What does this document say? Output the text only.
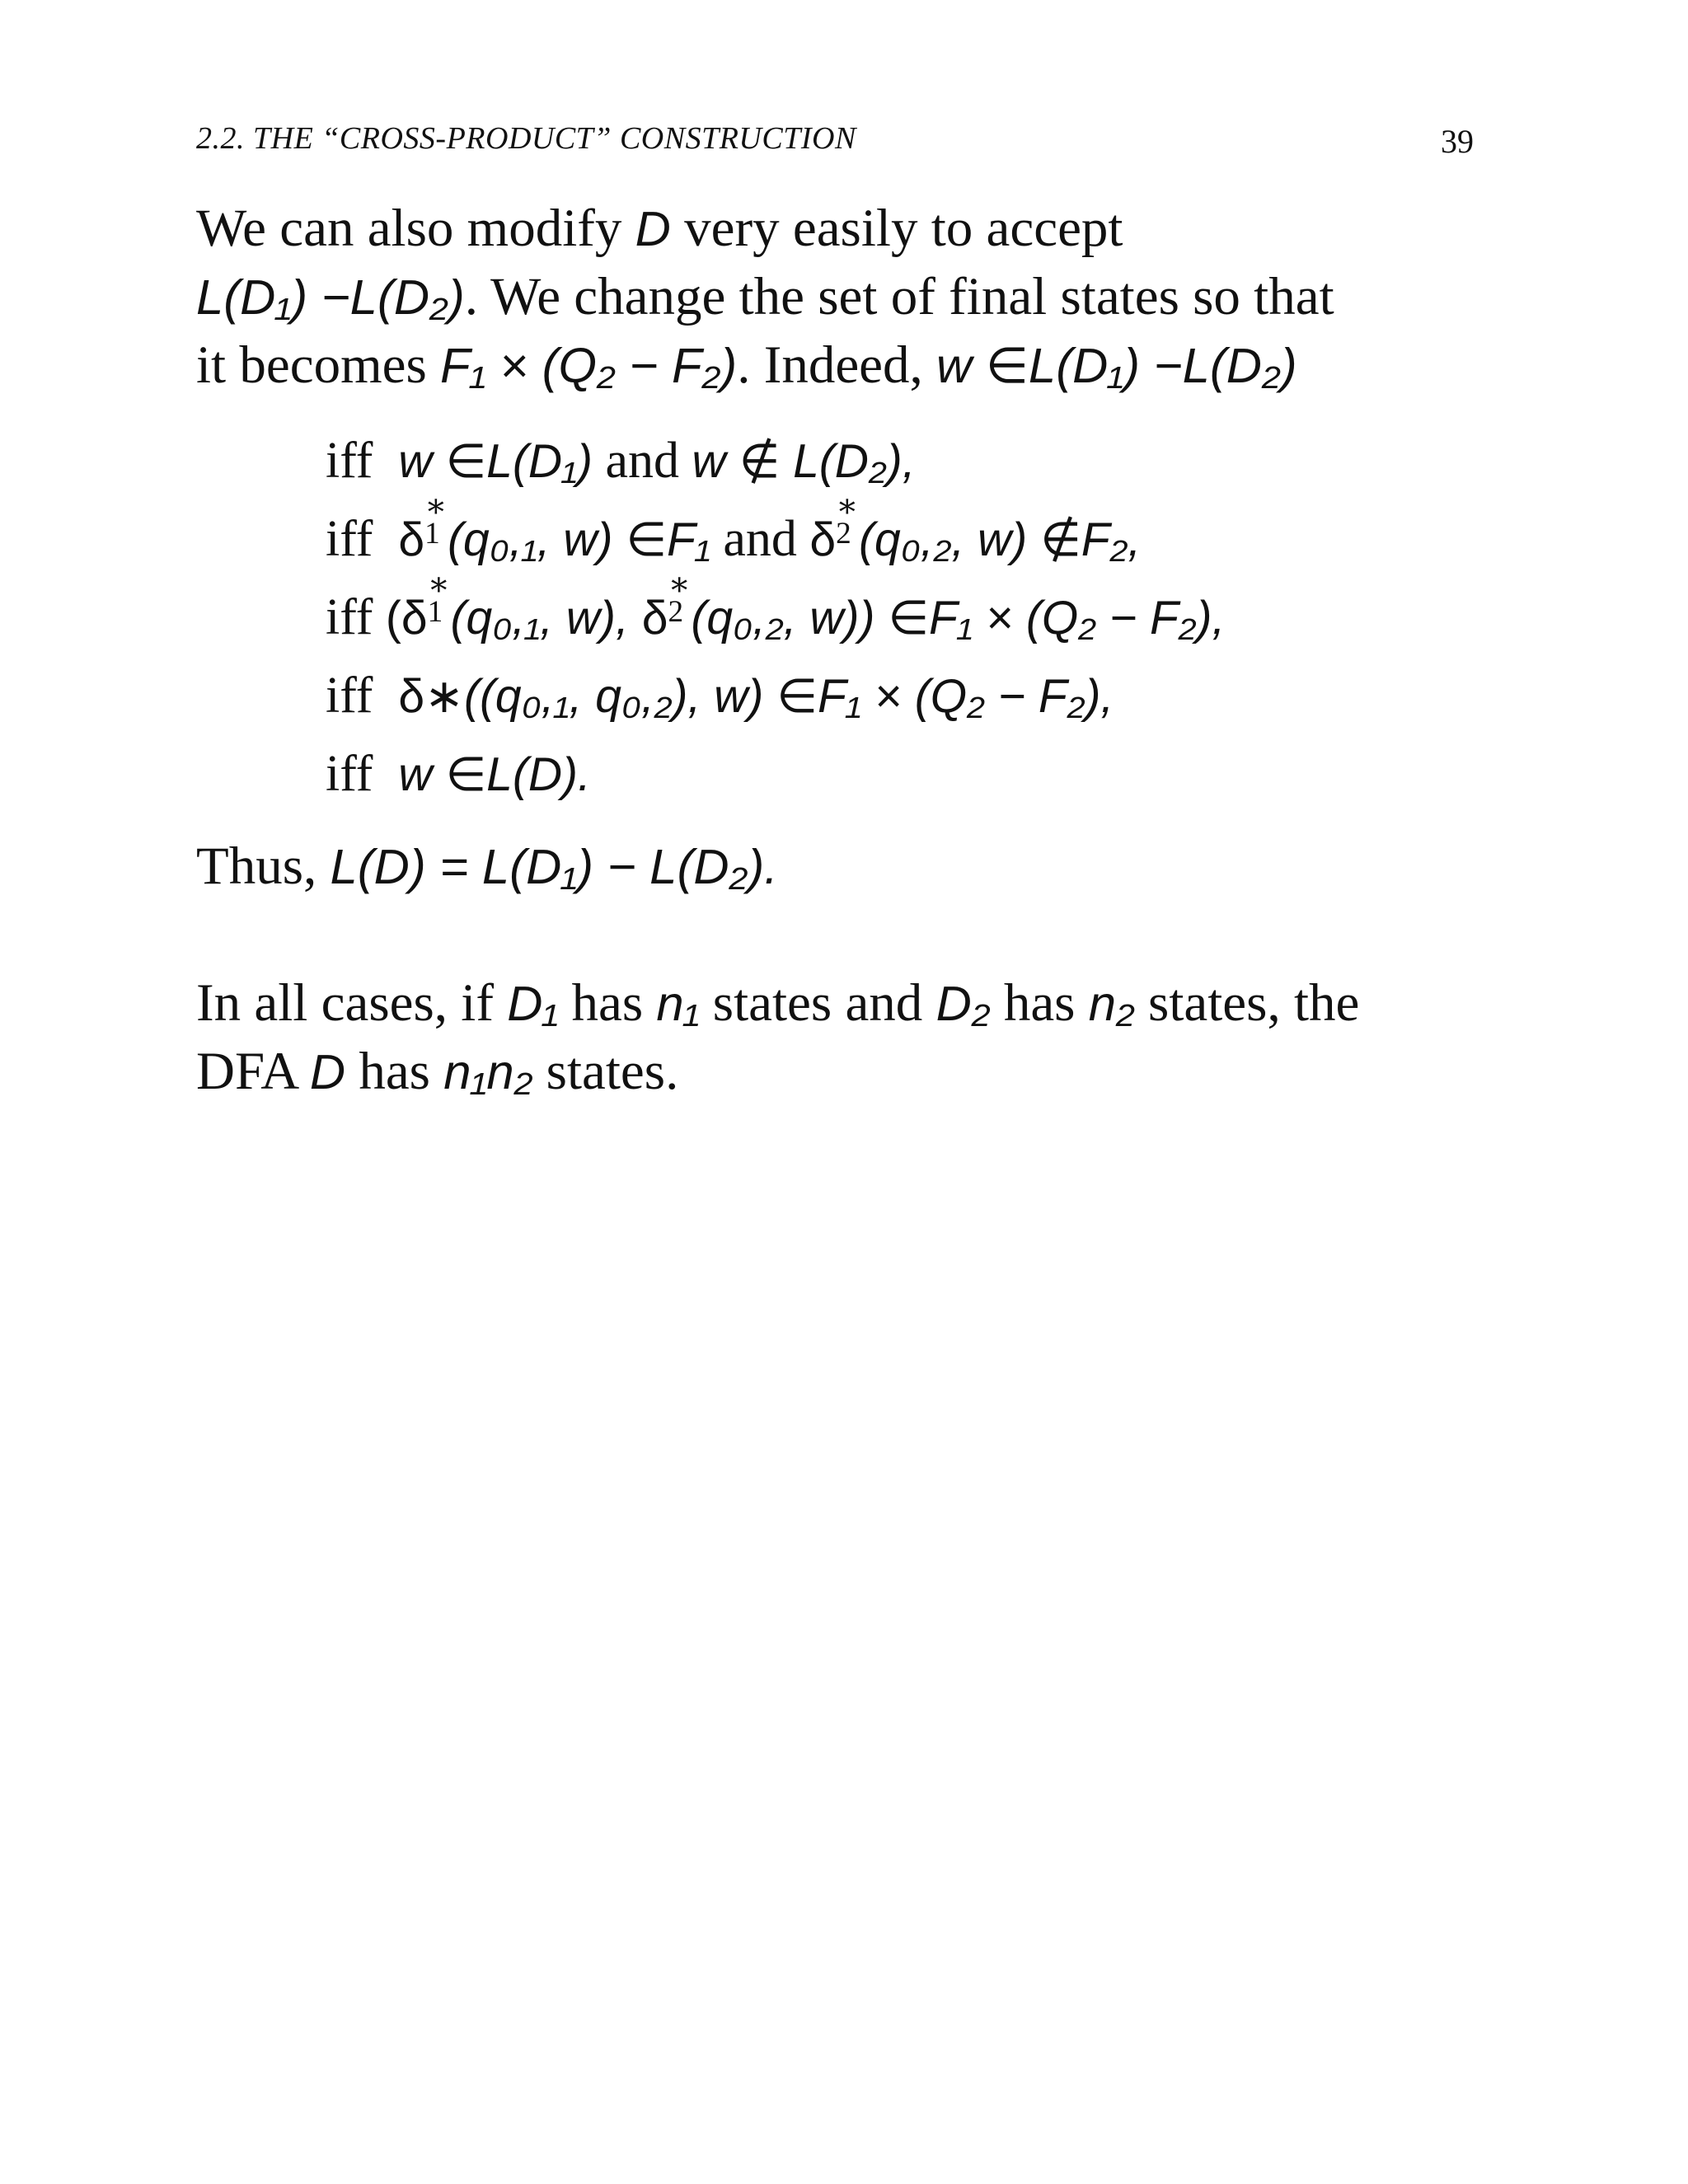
2.2. THE “CROSS-PRODUCT” CONSTRUCTION	39
We can also modify D very easily to accept
L(D₁) −L(D₂). We change the set of final states so that
it becomes F₁ × (Q₂ − F₂). Indeed, w ∈L(D₁) −L(D₂)
iff w ∈L(D₁) and w ∉ L(D₂),
iff δ
∗
1 (q₀,₁, w) ∈F₁ and δ
∗
2 (q₀,₂, w) ∉F₂,
iff (δ
∗
1 (q₀,₁, w), δ
∗
2 (q₀,₂, w)) ∈F₁ × (Q₂ − F₂),
iff δ∗((q₀,₁, q₀,₂), w) ∈F₁ × (Q₂ − F₂),
iff w ∈L(D).
Thus, L(D) = L(D₁) − L(D₂).
In all cases, if D₁ has n₁ states and D₂ has n₂ states, the
DFA D has n₁n₂ states.
